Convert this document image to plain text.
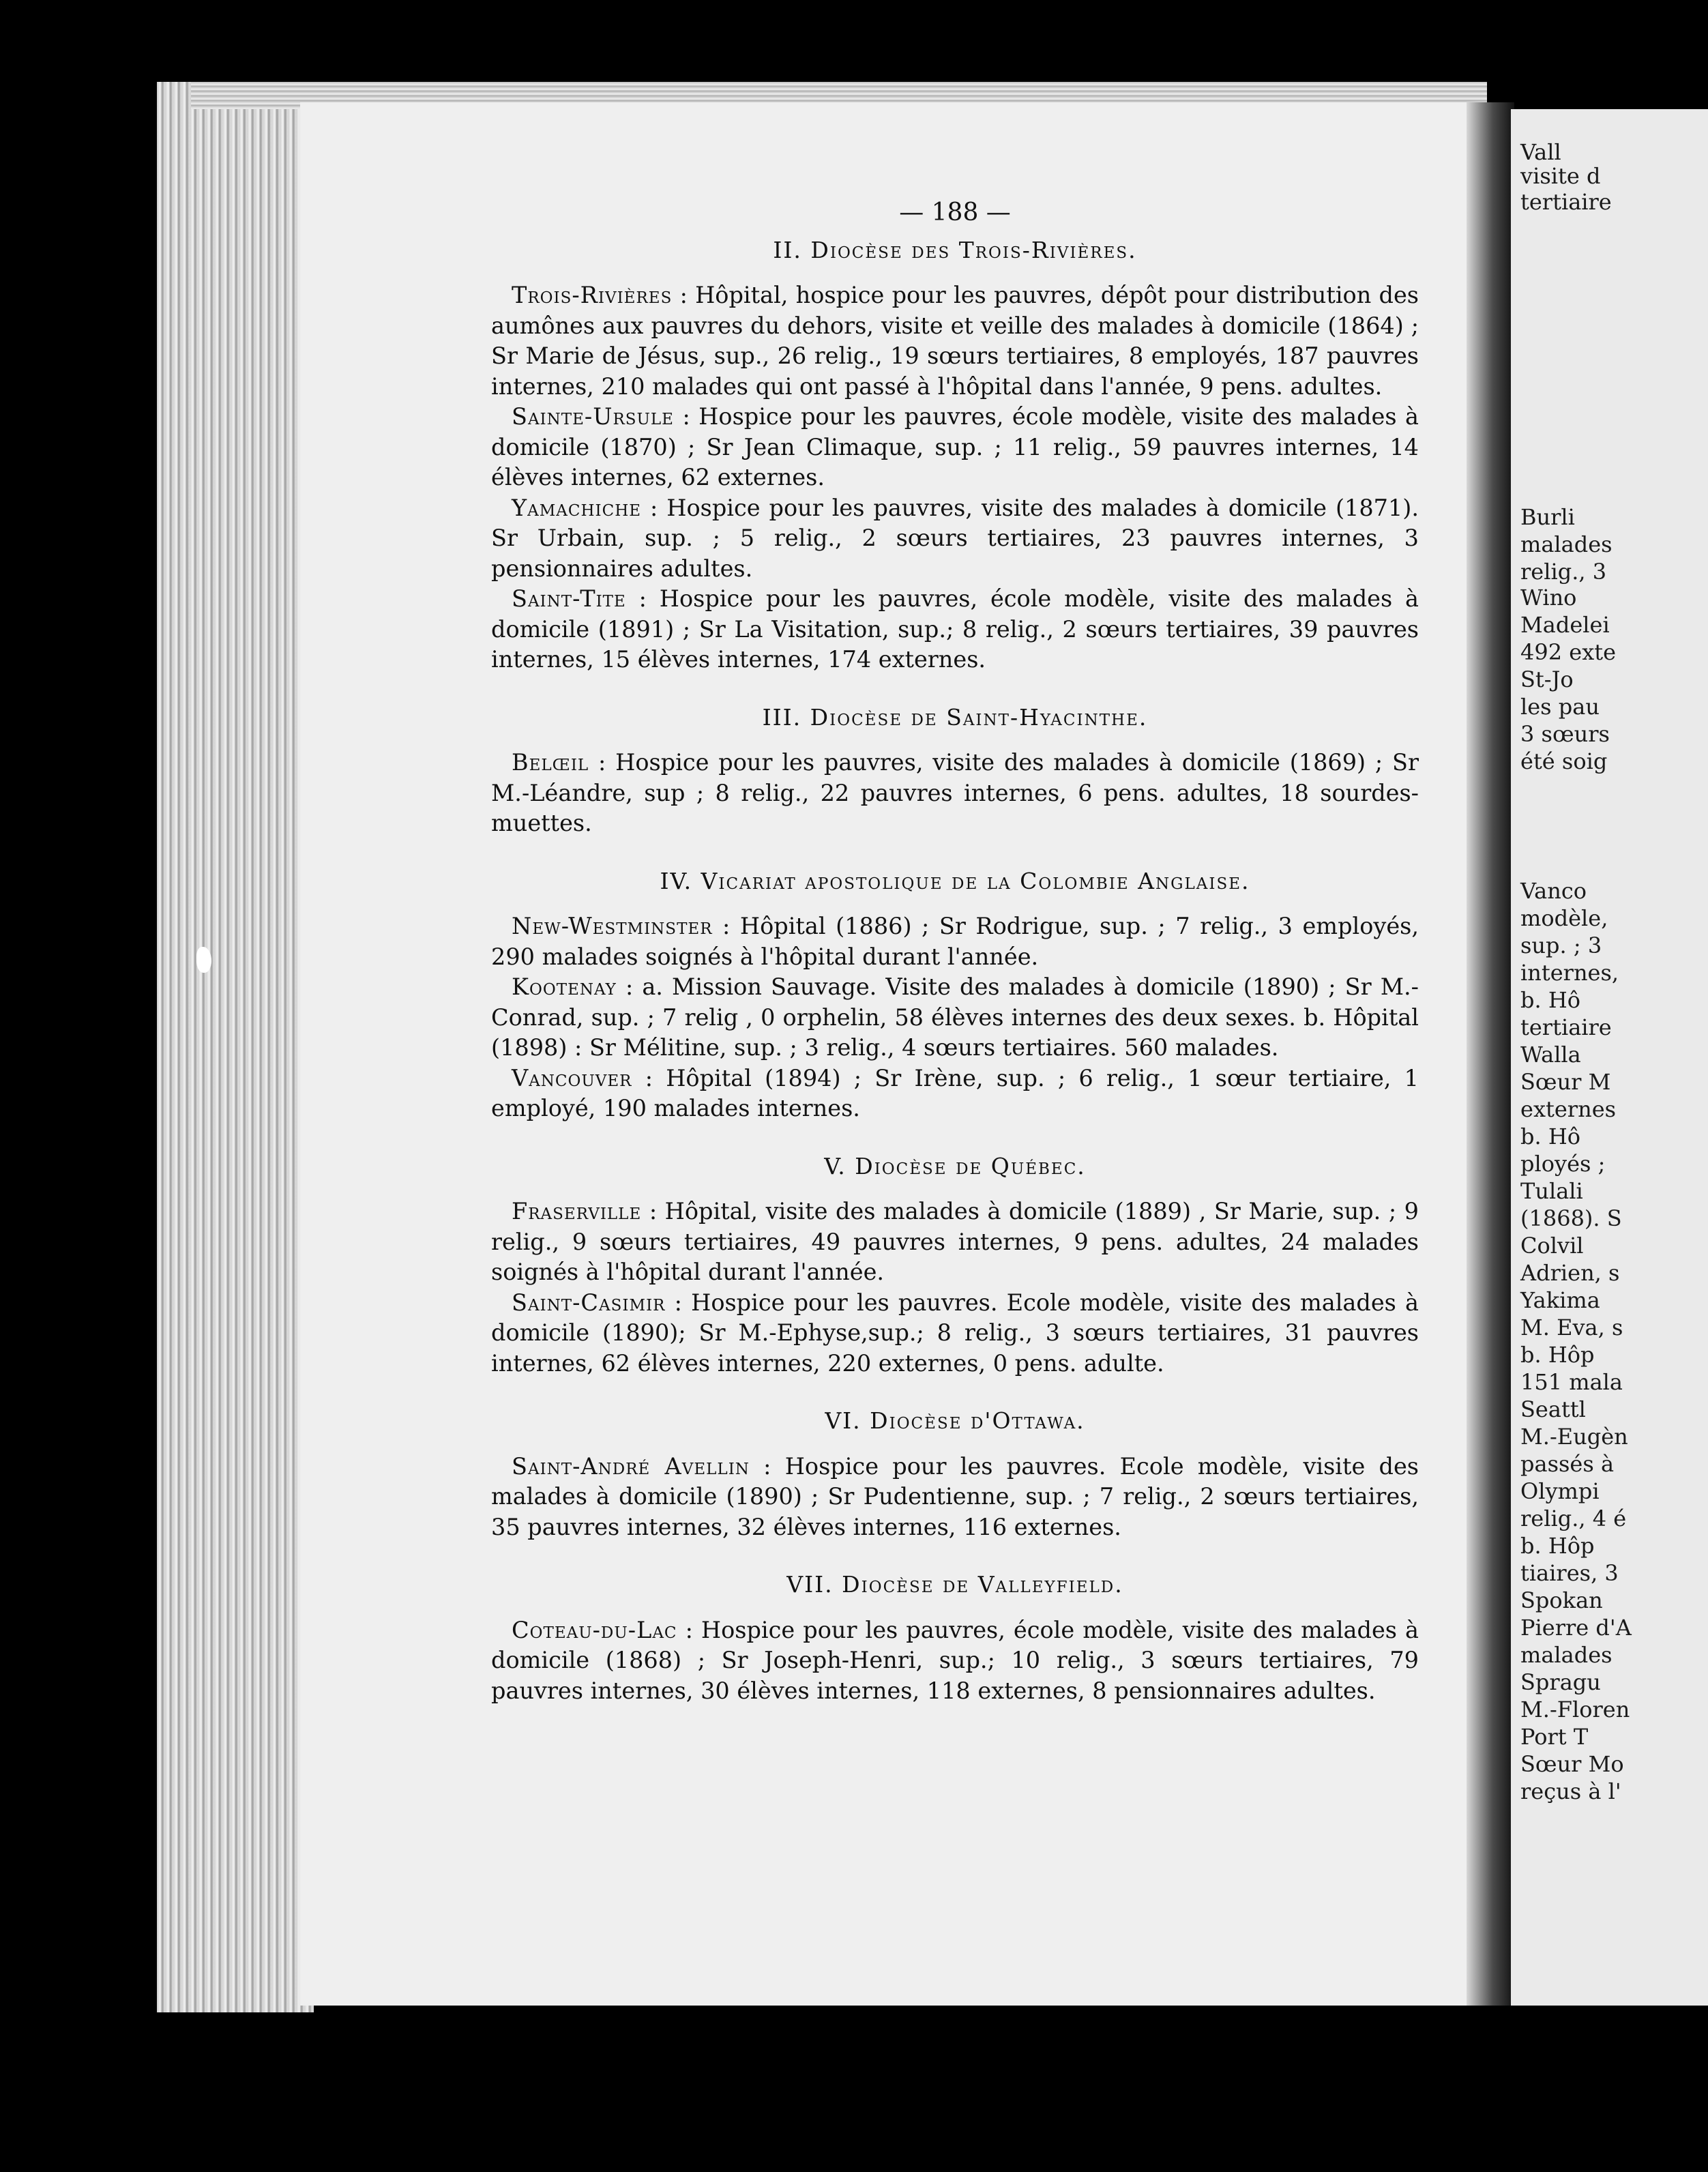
Vall
visite d
tertiaire
Burli
malades
relig., 3
Wino
Madelei
492 exte
St-Jo
les pau
3 sœurs
été soig
Vanco
modèle,
sup. ; 3
internes,
b. Hô
tertiaire
Walla
Sœur M
externes
b. Hô
ployés ;
Tulali
(1868). S
Colvil
Adrien, s
Yakima
M. Eva, s
b. Hôp
151 mala
Seattl
M.-Eugèn
passés à
Olympi
relig., 4 é
b. Hôp
tiaires, 3
Spokan
Pierre d'A
malades
Spragu
M.-Floren
Port T
Sœur Mo
reçus à l'
— 188 —
II. Diocèse des Trois-Rivières.

Trois-Rivières : Hôpital, hospice pour les pauvres, dépôt pour distribution des aumônes aux pauvres du dehors, visite et veille des malades à domicile (1864) ; Sr Marie de Jésus, sup., 26 relig., 19 sœurs tertiaires, 8 employés, 187 pauvres internes, 210 malades qui ont passé à l'hôpital dans l'année, 9 pens. adultes.

Sainte-Ursule : Hospice pour les pauvres, école modèle, visite des malades à domicile (1870) ; Sr Jean Climaque, sup. ; 11 relig., 59 pauvres internes, 14 élèves internes, 62 externes.

Yamachiche : Hospice pour les pauvres, visite des malades à domicile (1871). Sr Urbain, sup. ; 5 relig., 2 sœurs tertiaires, 23 pauvres internes, 3 pensionnaires adultes.

Saint-Tite : Hospice pour les pauvres, école modèle, visite des malades à domicile (1891) ; Sr La Visitation, sup.; 8 relig., 2 sœurs tertiaires, 39 pauvres internes, 15 élèves internes, 174 externes.

III. Diocèse de Saint-Hyacinthe.

Belœil : Hospice pour les pauvres, visite des malades à domicile (1869) ; Sr M.-Léandre, sup ; 8 relig., 22 pauvres internes, 6 pens. adultes, 18 sourdes-muettes.

IV. Vicariat apostolique de la Colombie Anglaise.

New-Westminster : Hôpital (1886) ; Sr Rodrigue, sup. ; 7 relig., 3 employés, 290 malades soignés à l'hôpital durant l'année.

Kootenay : a. Mission Sauvage. Visite des malades à domicile (1890) ; Sr M.-Conrad, sup. ; 7 relig , 0 orphelin, 58 élèves internes des deux sexes. b. Hôpital (1898) : Sr Mélitine, sup. ; 3 relig., 4 sœurs tertiaires. 560 malades.

Vancouver : Hôpital (1894) ; Sr Irène, sup. ; 6 relig., 1 sœur tertiaire, 1 employé, 190 malades internes.

V. Diocèse de Québec.

Fraserville : Hôpital, visite des malades à domicile (1889) , Sr Marie, sup. ; 9 relig., 9 sœurs tertiaires, 49 pauvres internes, 9 pens. adultes, 24 malades soignés à l'hôpital durant l'année.

Saint-Casimir : Hospice pour les pauvres. Ecole modèle, visite des malades à domicile (1890); Sr M.-Ephyse,sup.; 8 relig., 3 sœurs tertiaires, 31 pauvres internes, 62 élèves internes, 220 externes, 0 pens. adulte.

VI. Diocèse d'Ottawa.

Saint-André Avellin : Hospice pour les pauvres. Ecole modèle, visite des malades à domicile (1890) ; Sr Pudentienne, sup. ; 7 relig., 2 sœurs tertiaires, 35 pauvres internes, 32 élèves internes, 116 externes.

VII. Diocèse de Valleyfield.

Coteau-du-Lac : Hospice pour les pauvres, école modèle, visite des malades à domicile (1868) ; Sr Joseph-Henri, sup.; 10 relig., 3 sœurs tertiaires, 79 pauvres internes, 30 élèves internes, 118 externes, 8 pensionnaires adultes.
